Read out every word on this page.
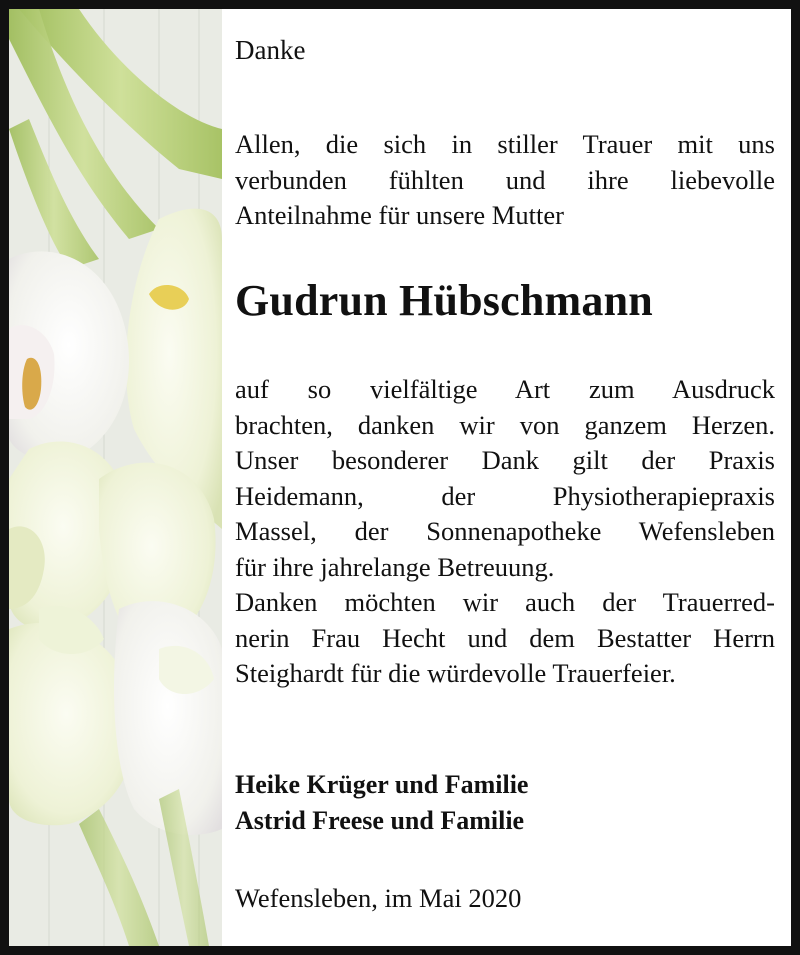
Danke

Allen, die sich in stiller Trauer mit uns
verbunden fühlten und ihre liebevolle
Anteilnahme für unsere Mutter

Gudrun Hübschmann

auf so vielfältige Art zum Ausdruck
brachten, danken wir von ganzem Herzen.
Unser besonderer Dank gilt der Praxis
Heidemann, der Physiotherapiepraxis
Massel, der Sonnenapotheke Wefensleben
für ihre jahrelange Betreuung.
Danken möchten wir auch der Trauerred-
nerin Frau Hecht und dem Bestatter Herrn
Steighardt für die würdevolle Trauerfeier.
Heike Krüger und Familie
Astrid Freese und Familie

Wefensleben, im Mai 2020
